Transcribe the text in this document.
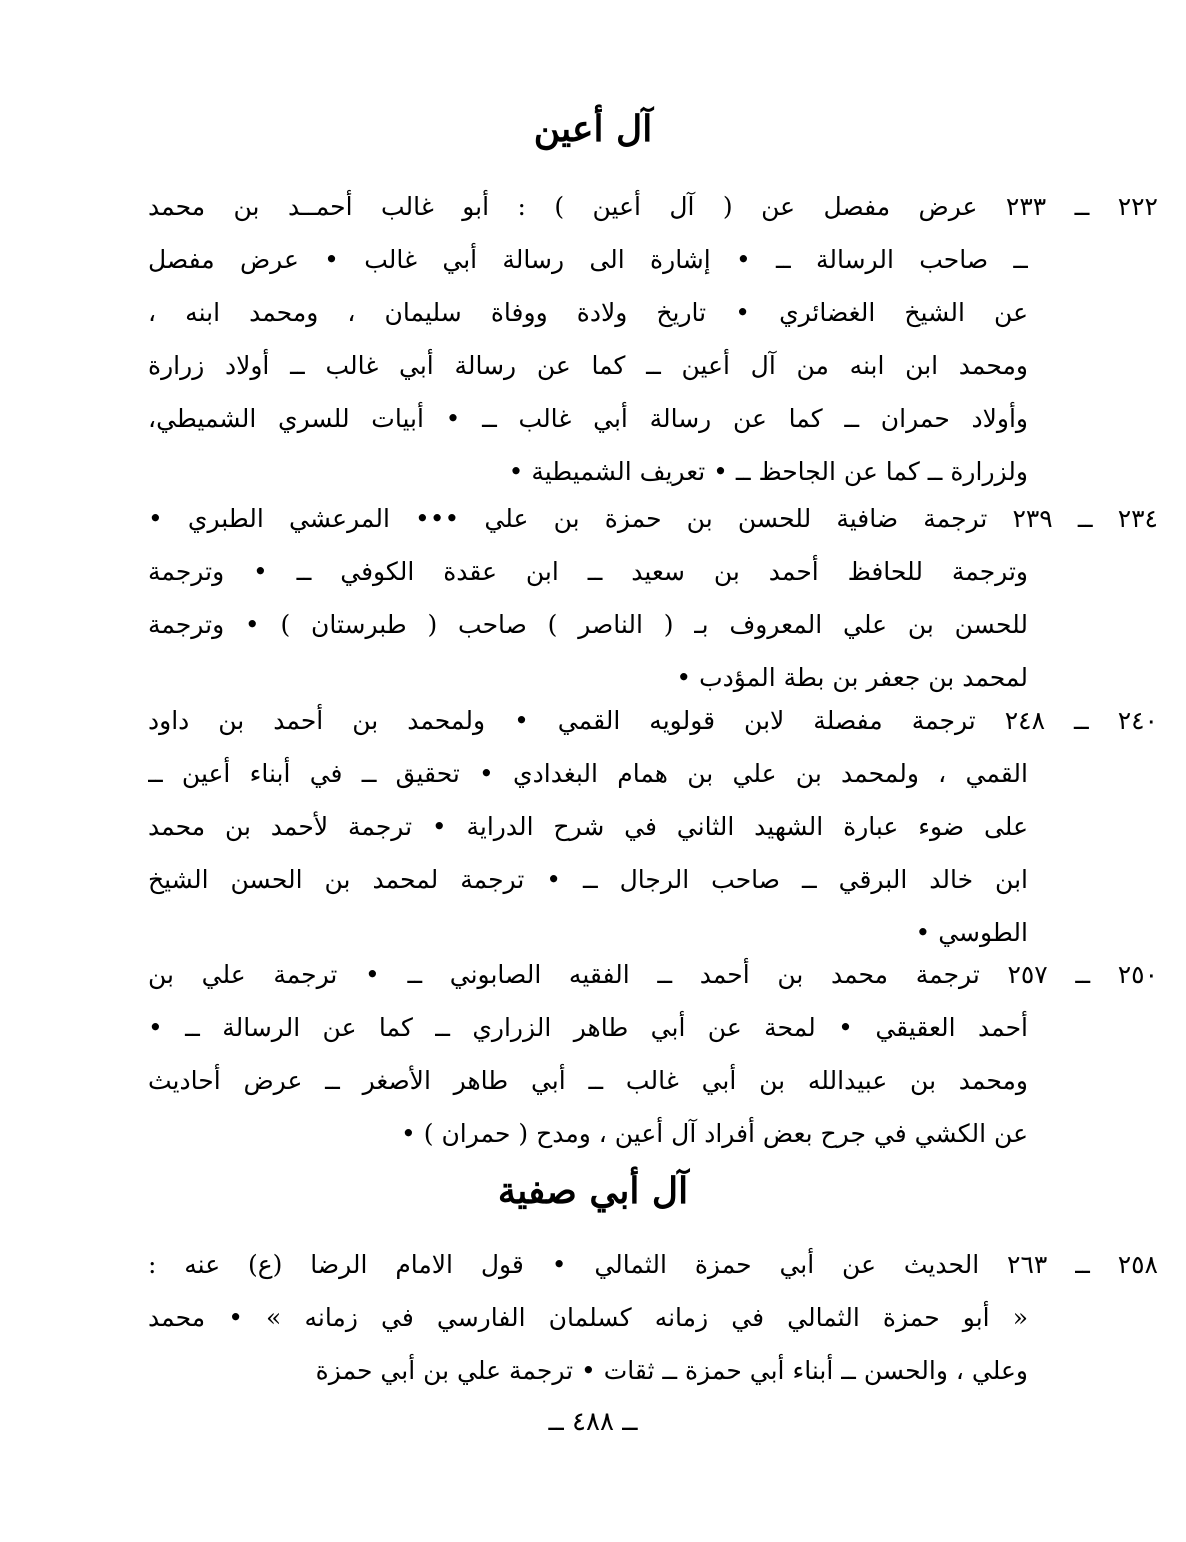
آل أعين
٢٢٢ ــ ٢٣٣ عرض مفصل عن ( آل أعين ) : أبو غالب أحمــد بن محمد
ــ صاحب الرسالة ــ • إشارة الى رسالة أبي غالب • عرض مفصل
عن الشيخ الغضائري • تاريخ ولادة ووفاة سليمان ، ومحمد ابنه ،
ومحمد ابن ابنه من آل أعين ــ كما عن رسالة أبي غالب ــ أولاد زرارة
وأولاد حمران ــ كما عن رسالة أبي غالب ــ • أبيات للسري الشميطي،
ولزرارة ــ كما عن الجاحظ ــ • تعريف الشميطية •
٢٣٤ ــ ٢٣٩ ترجمة ضافية للحسن بن حمزة بن علي ••• المرعشي الطبري •
وترجمة للحافظ أحمد بن سعيد ــ ابن عقدة الكوفي ــ • وترجمة
للحسن بن علي المعروف بـ ( الناصر ) صاحب ( طبرستان ) • وترجمة
لمحمد بن جعفر بن بطة المؤدب •
٢٤٠ ــ ٢٤٨ ترجمة مفصلة لابن قولويه القمي • ولمحمد بن أحمد بن داود
القمي ، ولمحمد بن علي بن همام البغدادي • تحقيق ــ في أبناء أعين ــ
على ضوء عبارة الشهيد الثاني في شرح الدراية • ترجمة لأحمد بن محمد
ابن خالد البرقي ــ صاحب الرجال ــ • ترجمة لمحمد بن الحسن الشيخ
الطوسي •
٢٥٠ ــ ٢٥٧ ترجمة محمد بن أحمد ــ الفقيه الصابوني ــ • ترجمة علي بن
أحمد العقيقي • لمحة عن أبي طاهر الزراري ــ كما عن الرسالة ــ •
ومحمد بن عبيدالله بن أبي غالب ــ أبي طاهر الأصغر ــ عرض أحاديث
عن الكشي في جرح بعض أفراد آل أعين ، ومدح ( حمران ) •
آل أبي صفية
٢٥٨ ــ ٢٦٣ الحديث عن أبي حمزة الثمالي • قول الامام الرضا (ع) عنه :
« أبو حمزة الثمالي في زمانه كسلمان الفارسي في زمانه » • محمد
وعلي ، والحسن ــ أبناء أبي حمزة ــ ثقات • ترجمة علي بن أبي حمزة
ــ ٤٨٨ ــ
